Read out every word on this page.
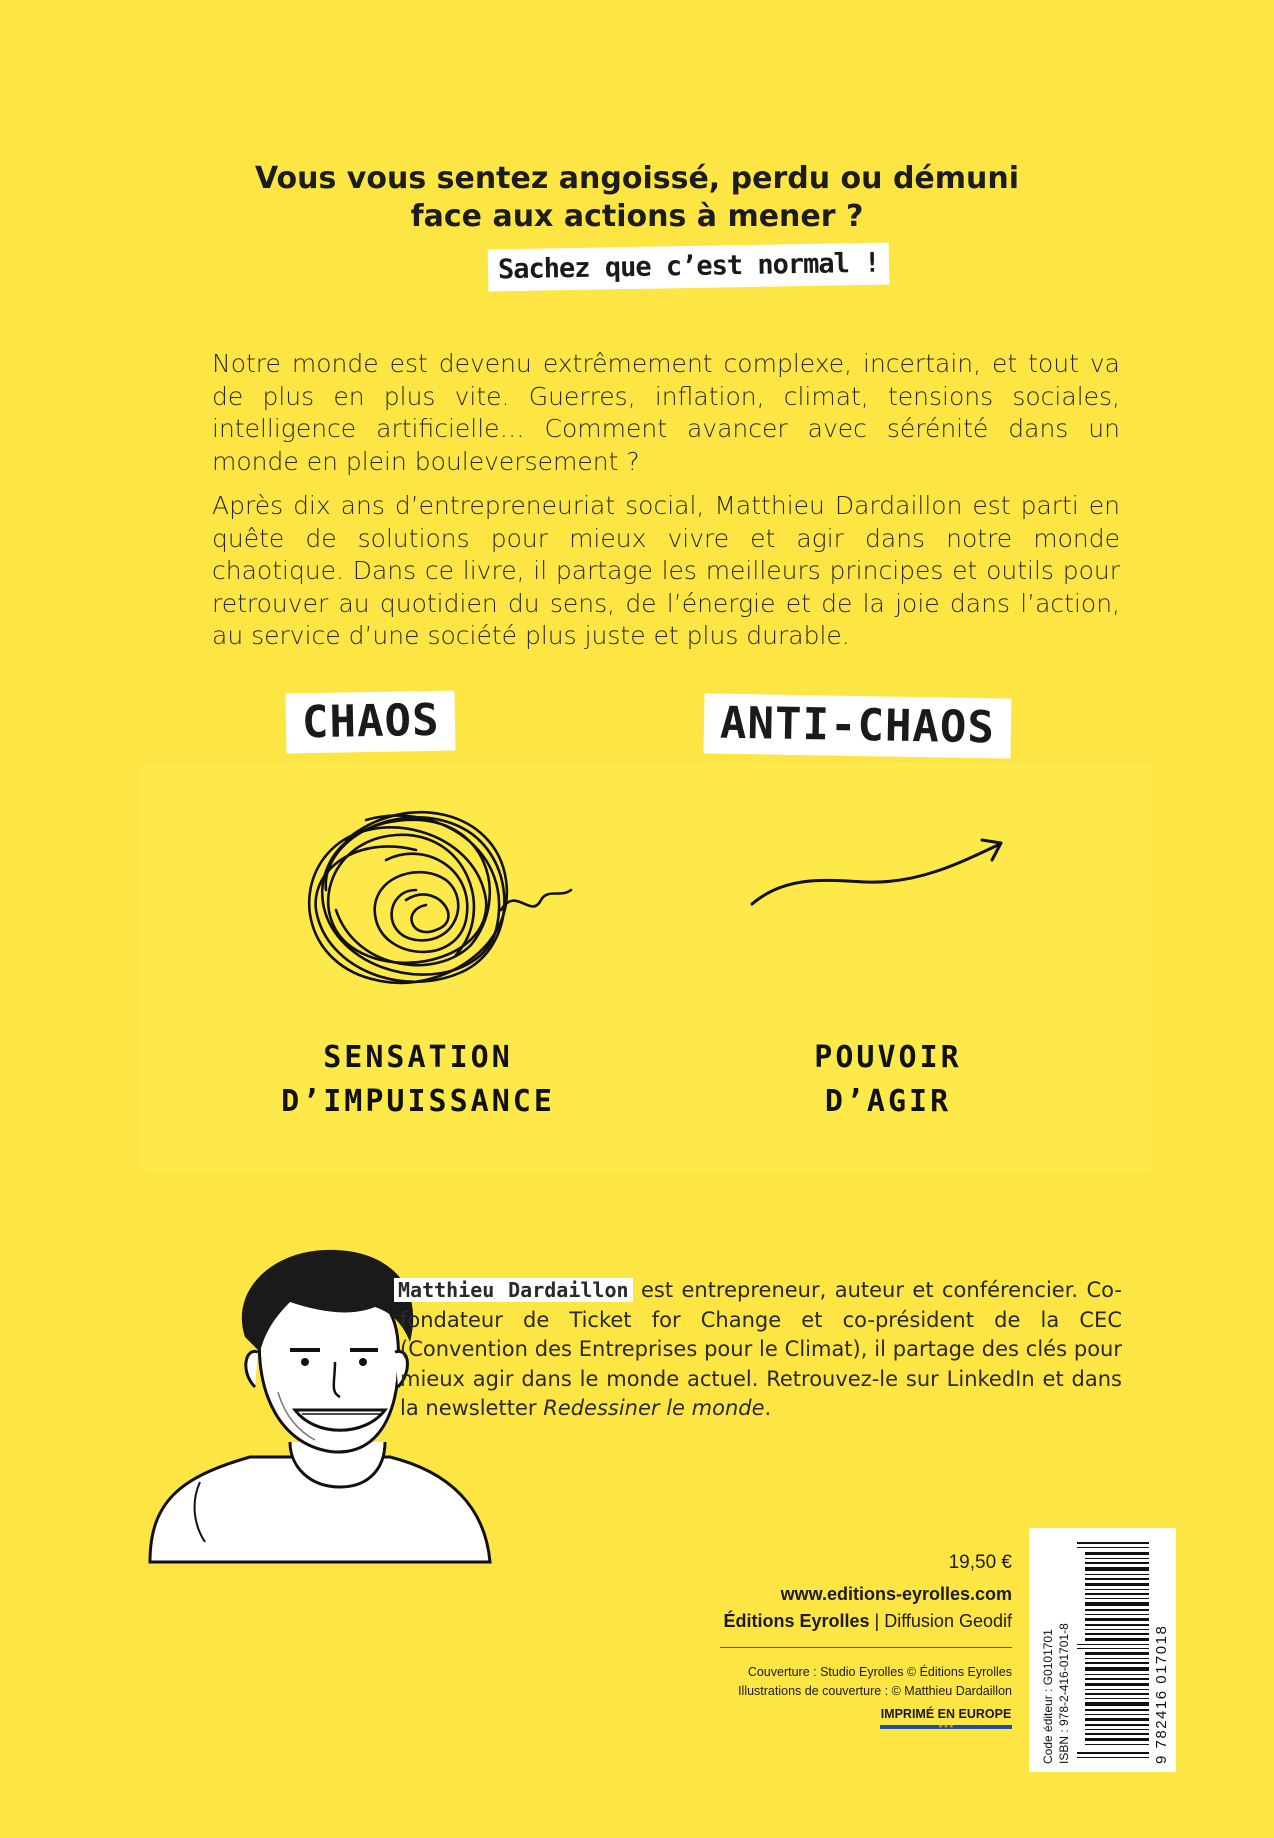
Vous vous sentez angoissé, perdu ou démuni
face aux actions à mener ?
Sachez que c’est normal !
Notre monde est devenu extrêmement complexe, incertain, et tout va de plus en plus vite. Guerres, inflation, climat, tensions sociales, intelligence artificielle… Comment avancer avec sérénité dans un monde en plein bouleversement ?
Après dix ans d’entrepreneuriat social, Matthieu Dardaillon est parti en quête de solutions pour mieux vivre et agir dans notre monde chaotique. Dans ce livre, il partage les meilleurs principes et outils pour retrouver au quotidien du sens, de l’énergie et de la joie dans l’action, au service d’une société plus juste et plus durable.
CHAOS	ANTI-CHAOS
SENSATION
D’IMPUISSANCE
POUVOIR
D’AGIR
Matthieu Dardaillon est entrepreneur, auteur et conférencier. Co-fondateur de Ticket for Change et co-président de la CEC (Convention des Entreprises pour le Climat), il partage des clés pour mieux agir dans le monde actuel. Retrouvez-le sur LinkedIn et dans la newsletter Redessiner le monde.
19,50 €
www.editions-eyrolles.com
Éditions Eyrolles | Diffusion Geodif
Couverture : Studio Eyrolles © Éditions Eyrolles
Illustrations de couverture : © Matthieu Dardaillon
IMPRIMÉ EN EUROPE
★★★	Code éditeur : G0101701 ISBN : 978-2-416-01701-8	9 782416 017018
